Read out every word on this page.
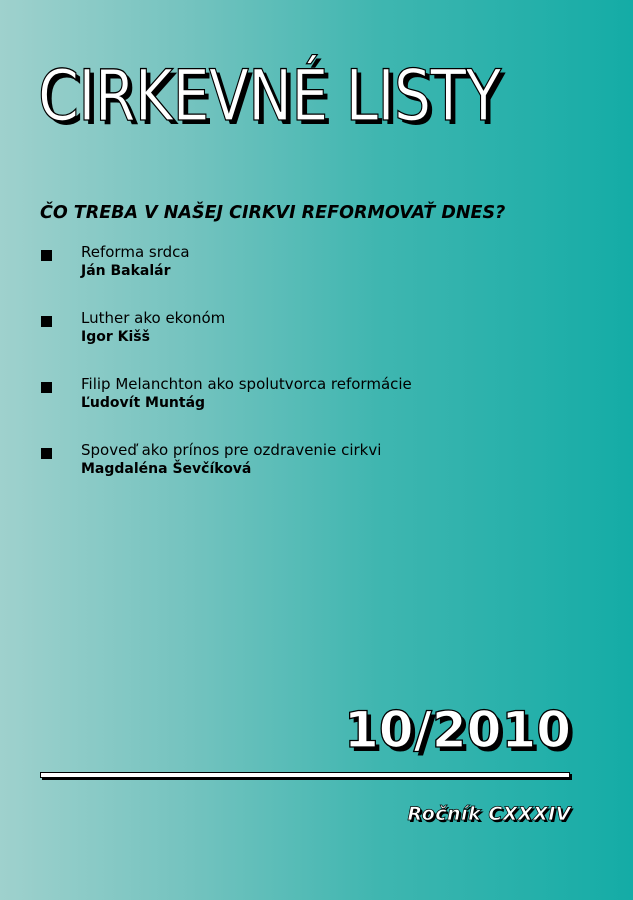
CIRKEVNÉ LISTY
ČO TREBA V NAŠEJ CIRKVI REFORMOVAŤ DNES?
Reforma srdca
Ján Bakalár
Luther ako ekonóm
Igor Kišš
Filip Melanchton ako spolutvorca reformácie
Ľudovít Muntág
Spoveď ako prínos pre ozdravenie cirkvi
Magdaléna Ševčíková
10/2010
Ročník CXXXIV
